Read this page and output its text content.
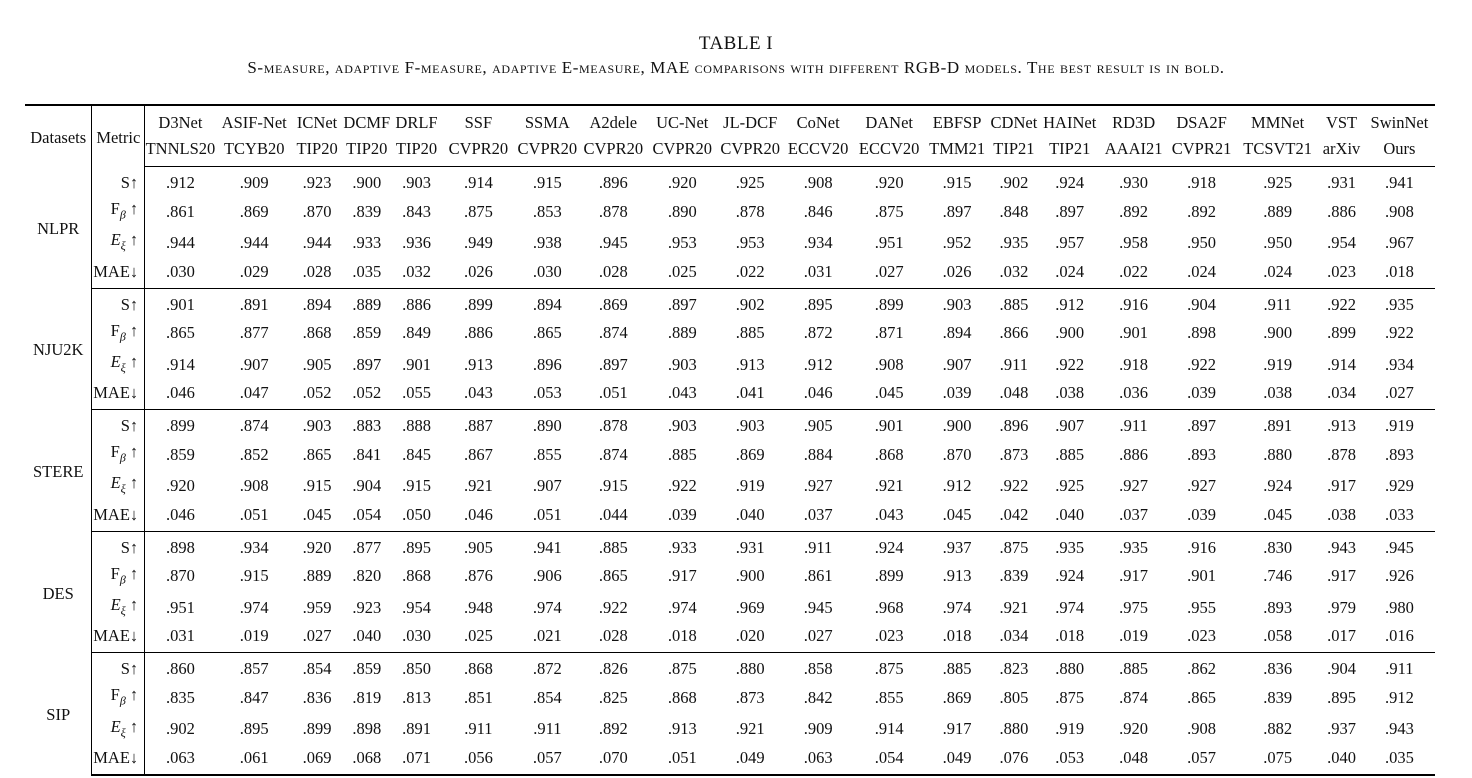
TABLE I
S-measure, adaptive F-measure, adaptive E-measure, MAE comparisons with different RGB-D models. The best result is in bold.
Datasets	Metric	D3Net	ASIF-Net	ICNet	DCMF	DRLF	SSF	SSMA	A2dele	UC-Net	JL-DCF	CoNet	DANet	EBFSP	CDNet	HAINet	RD3D	DSA2F	MMNet	VST	SwinNet
		TNNLS20	TCYB20	TIP20	TIP20	TIP20	CVPR20	CVPR20	CVPR20	CVPR20	CVPR20	ECCV20	ECCV20	TMM21	TIP21	TIP21	AAAI21	CVPR21	TCSVT21	arXiv	Ours
NLPR	S↑	.912	.909	.923	.900	.903	.914	.915	.896	.920	.925	.908	.920	.915	.902	.924	.930	.918	.925	.931	.941
	$F_\beta$ ↑	.861	.869	.870	.839	.843	.875	.853	.878	.890	.878	.846	.875	.897	.848	.897	.892	.892	.889	.886	.908
	$E_\xi$ ↑	.944	.944	.944	.933	.936	.949	.938	.945	.953	.953	.934	.951	.952	.935	.957	.958	.950	.950	.954	.967
	MAE↓	.030	.029	.028	.035	.032	.026	.030	.028	.025	.022	.031	.027	.026	.032	.024	.022	.024	.024	.023	.018
NJU2K	S↑	.901	.891	.894	.889	.886	.899	.894	.869	.897	.902	.895	.899	.903	.885	.912	.916	.904	.911	.922	.935
	$F_\beta$ ↑	.865	.877	.868	.859	.849	.886	.865	.874	.889	.885	.872	.871	.894	.866	.900	.901	.898	.900	.899	.922
	$E_\xi$ ↑	.914	.907	.905	.897	.901	.913	.896	.897	.903	.913	.912	.908	.907	.911	.922	.918	.922	.919	.914	.934
	MAE↓	.046	.047	.052	.052	.055	.043	.053	.051	.043	.041	.046	.045	.039	.048	.038	.036	.039	.038	.034	.027
STERE	S↑	.899	.874	.903	.883	.888	.887	.890	.878	.903	.903	.905	.901	.900	.896	.907	.911	.897	.891	.913	.919
	$F_\beta$ ↑	.859	.852	.865	.841	.845	.867	.855	.874	.885	.869	.884	.868	.870	.873	.885	.886	.893	.880	.878	.893
	$E_\xi$ ↑	.920	.908	.915	.904	.915	.921	.907	.915	.922	.919	.927	.921	.912	.922	.925	.927	.927	.924	.917	.929
	MAE↓	.046	.051	.045	.054	.050	.046	.051	.044	.039	.040	.037	.043	.045	.042	.040	.037	.039	.045	.038	.033
DES	S↑	.898	.934	.920	.877	.895	.905	.941	.885	.933	.931	.911	.924	.937	.875	.935	.935	.916	.830	.943	.945
	$F_\beta$ ↑	.870	.915	.889	.820	.868	.876	.906	.865	.917	.900	.861	.899	.913	.839	.924	.917	.901	.746	.917	.926
	$E_\xi$ ↑	.951	.974	.959	.923	.954	.948	.974	.922	.974	.969	.945	.968	.974	.921	.974	.975	.955	.893	.979	.980
	MAE↓	.031	.019	.027	.040	.030	.025	.021	.028	.018	.020	.027	.023	.018	.034	.018	.019	.023	.058	.017	.016
SIP	S↑	.860	.857	.854	.859	.850	.868	.872	.826	.875	.880	.858	.875	.885	.823	.880	.885	.862	.836	.904	.911
	$F_\beta$ ↑	.835	.847	.836	.819	.813	.851	.854	.825	.868	.873	.842	.855	.869	.805	.875	.874	.865	.839	.895	.912
	$E_\xi$ ↑	.902	.895	.899	.898	.891	.911	.911	.892	.913	.921	.909	.914	.917	.880	.919	.920	.908	.882	.937	.943
	MAE↓	.063	.061	.069	.068	.071	.056	.057	.070	.051	.049	.063	.054	.049	.076	.053	.048	.057	.075	.040	.035
